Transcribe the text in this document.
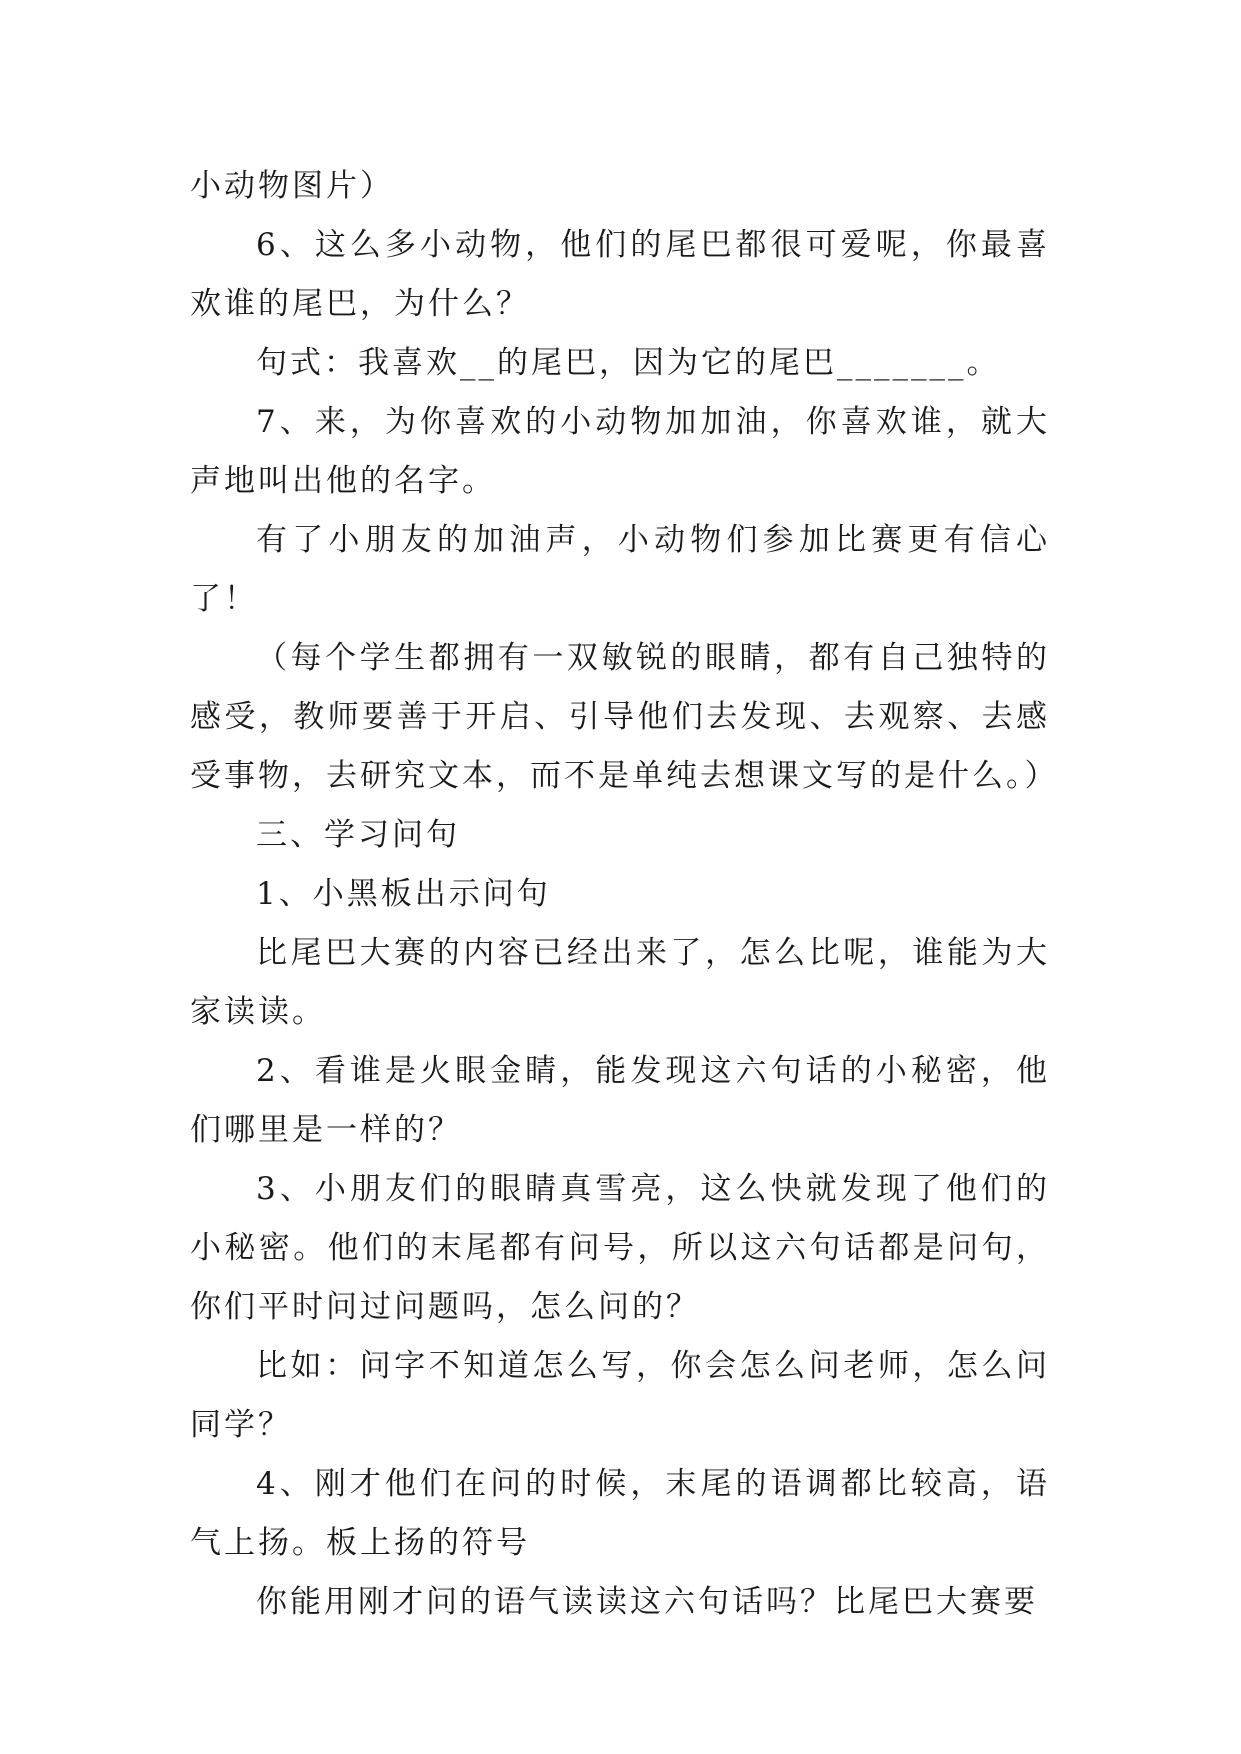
小动物图片）

6、这么多小动物，他们的尾巴都很可爱呢，你最喜欢谁的尾巴，为什么？

句式：我喜欢__的尾巴，因为它的尾巴_______。

7、来，为你喜欢的小动物加加油，你喜欢谁，就大声地叫出他的名字。

有了小朋友的加油声，小动物们参加比赛更有信心了！

（每个学生都拥有一双敏锐的眼睛，都有自己独特的感受，教师要善于开启、引导他们去发现、去观察、去感受事物，去研究文本，而不是单纯去想课文写的是什么。）

三、学习问句

1、小黑板出示问句

比尾巴大赛的内容已经出来了，怎么比呢，谁能为大家读读。

2、看谁是火眼金睛，能发现这六句话的小秘密，他们哪里是一样的？

3、小朋友们的眼睛真雪亮，这么快就发现了他们的小秘密。他们的末尾都有问号，所以这六句话都是问句，你们平时问过问题吗，怎么问的？

比如：问字不知道怎么写，你会怎么问老师，怎么问同学？

4、刚才他们在问的时候，末尾的语调都比较高，语气上扬。板上扬的符号

你能用刚才问的语气读读这六句话吗？比尾巴大赛要
